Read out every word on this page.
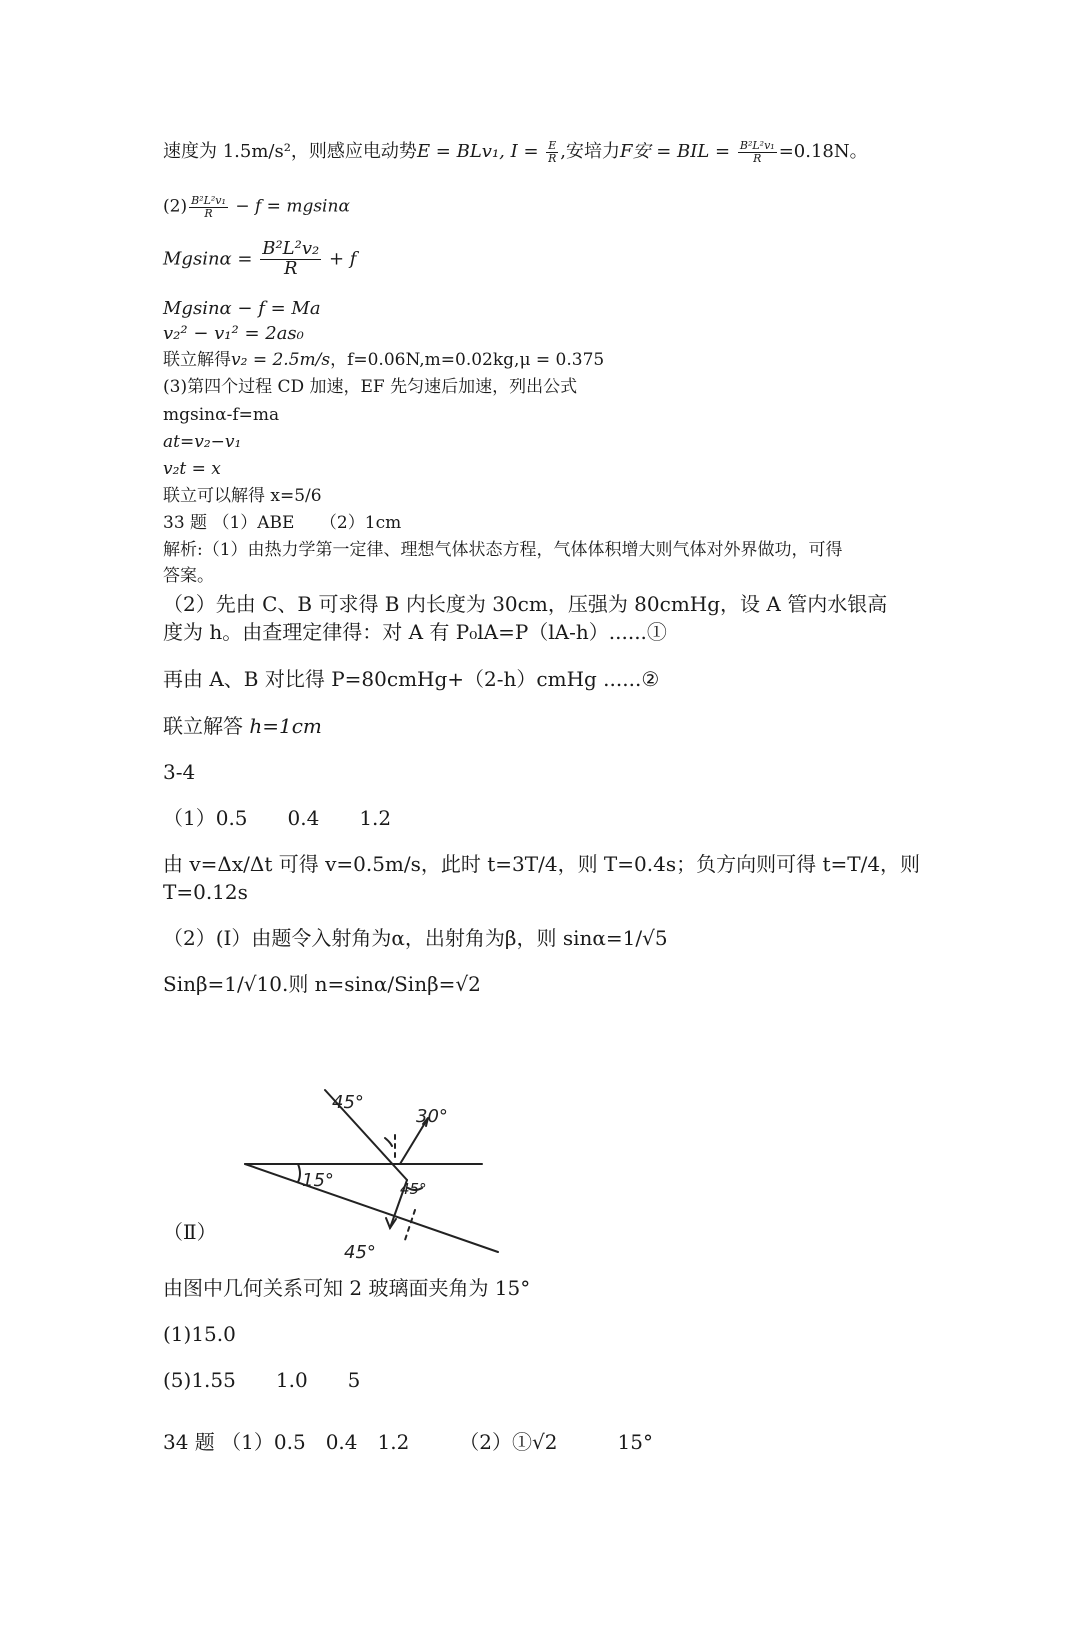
速度为 1.5m/s²，则感应电动势E = BLv₁, $I = \frac{E}{R}$ ,安培力F安 = BIL = $\frac{\text{B²L²v₁}}{R} =0.18N$。
$(2) \frac{\text{B²L²v₁}}{R} - f = mgsin\alpha$
$Mgsin\alpha = \frac{\text{B²L²v₂}}{R} + f$
Mgsinα − f = Ma
v₂² − v₁² = 2as₀
联立解得v₂ = 2.5m/s，f=0.06N,m=0.02kg,μ = 0.375
(3)第四个过程 CD 加速，EF 先匀速后加速，列出公式
mgsinα-f=ma
at=v₂−v₁
v₂t = x
联立可以解得 x=5/6
33 题 （1）ABE　　（2）1cm
解析:（1）由热力学第一定律、理想气体状态方程，气体体积增大则气体对外界做功，可得
答案。
（2）先由 C、B 可求得 B 内长度为 30cm，压强为 80cmHg，设 A 管内水银高
度为 h。由查理定律得：对 A 有 P₀lA=P（lA-h）......①
再由 A、B 对比得 P=80cmHg+（2-h）cmHg ......②
联立解答 h=1cm
3-4
（1）0.5　　0.4　　1.2
由 v=Δx/Δt 可得 v=0.5m/s，此时 t=3T/4，则 T=0.4s；负方向则可得 t=T/4，则
T=0.12s
（2）(Ⅰ）由题令入射角为α，出射角为β，则 sinα=1/√5
Sinβ=1/√10.则 n=sinα/Sinβ=√2
45°
30°
15°	45°
45°
（Ⅱ）
由图中几何关系可知 2 玻璃面夹角为 15°
(1)15.0
(5)1.55　　1.0　　5
34 题 （1）0.5　0.4　1.2　　　（2）①√2　　　15°
